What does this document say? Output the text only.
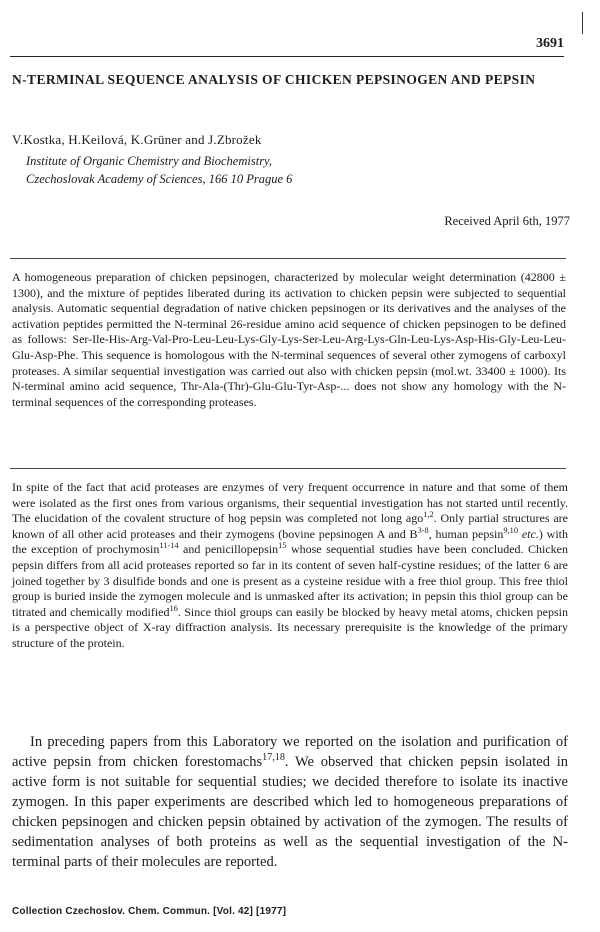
3691
N-TERMINAL SEQUENCE ANALYSIS OF CHICKEN PEPSINOGEN AND PEPSIN
V.Kostka, H.Keilová, K.Grüner and J.Zbrožek
Institute of Organic Chemistry and Biochemistry,
Czechoslovak Academy of Sciences, 166 10 Prague 6
Received April 6th, 1977

A homogeneous preparation of chicken pepsinogen, characterized by molecular weight determination (42800 ± 1300), and the mixture of peptides liberated during its activation to chicken pepsin were subjected to sequential analysis. Automatic sequential degradation of native chicken pepsinogen or its derivatives and the analyses of the activation peptides permitted the N-terminal 26-residue amino acid sequence of chicken pepsinogen to be defined as follows: Ser-Ile-His-Arg-Val-Pro-Leu-Leu-Lys-Gly-Lys-Ser-Leu-Arg-Lys-Gln-Leu-Lys-Asp-His-Gly-Leu-Leu-Glu-Asp-Phe. This sequence is homologous with the N-terminal sequences of several other zymogens of carboxyl proteases. A similar sequential investigation was carried out also with chicken pepsin (mol.wt. 33400 ± 1000). Its N-terminal amino acid sequence, Thr-Ala-(Thr)-Glu-Glu-Tyr-Asp-... does not show any homology with the N-terminal sequences of the corresponding proteases.

In spite of the fact that acid proteases are enzymes of very frequent occurrence in nature and that some of them were isolated as the first ones from various organisms, their sequential investigation has not started until recently. The elucidation of the covalent structure of hog pepsin was completed not long ago$^{1,2}$. Only partial structures are known of all other acid proteases and their zymogens (bovine pepsinogen A and $B^{3-8}$, human pepsin$^{9,10}$ etc.) with the exception of prochymosin$^{11-14}$ and penicillopepsin$^{15}$ whose sequential studies have been concluded. Chicken pepsin differs from all acid proteases reported so far in its content of seven half-cystine residues; of the latter 6 are joined together by 3 disulfide bonds and one is present as a cysteine residue with a free thiol group. This free thiol group is buried inside the zymogen molecule and is unmasked after its activation; in pepsin this thiol group can be titrated and chemically modified$^{16}$. Since thiol groups can easily be blocked by heavy metal atoms, chicken pepsin is a perspective object of X-ray diffraction analysis. Its necessary prerequisite is the knowledge of the primary structure of the protein.

In preceding papers from this Laboratory we reported on the isolation and purification of active pepsin from chicken forestomachs$^{17,18}$. We observed that chicken pepsin isolated in active form is not suitable for sequential studies; we decided therefore to isolate its inactive zymogen. In this paper experiments are described which led to homogeneous preparations of chicken pepsinogen and chicken pepsin obtained by activation of the zymogen. The results of sedimentation analyses of both proteins as well as the sequential investigation of the N-terminal parts of their molecules are reported.

Collection Czechoslov. Chem. Commun. [Vol. 42] [1977]
